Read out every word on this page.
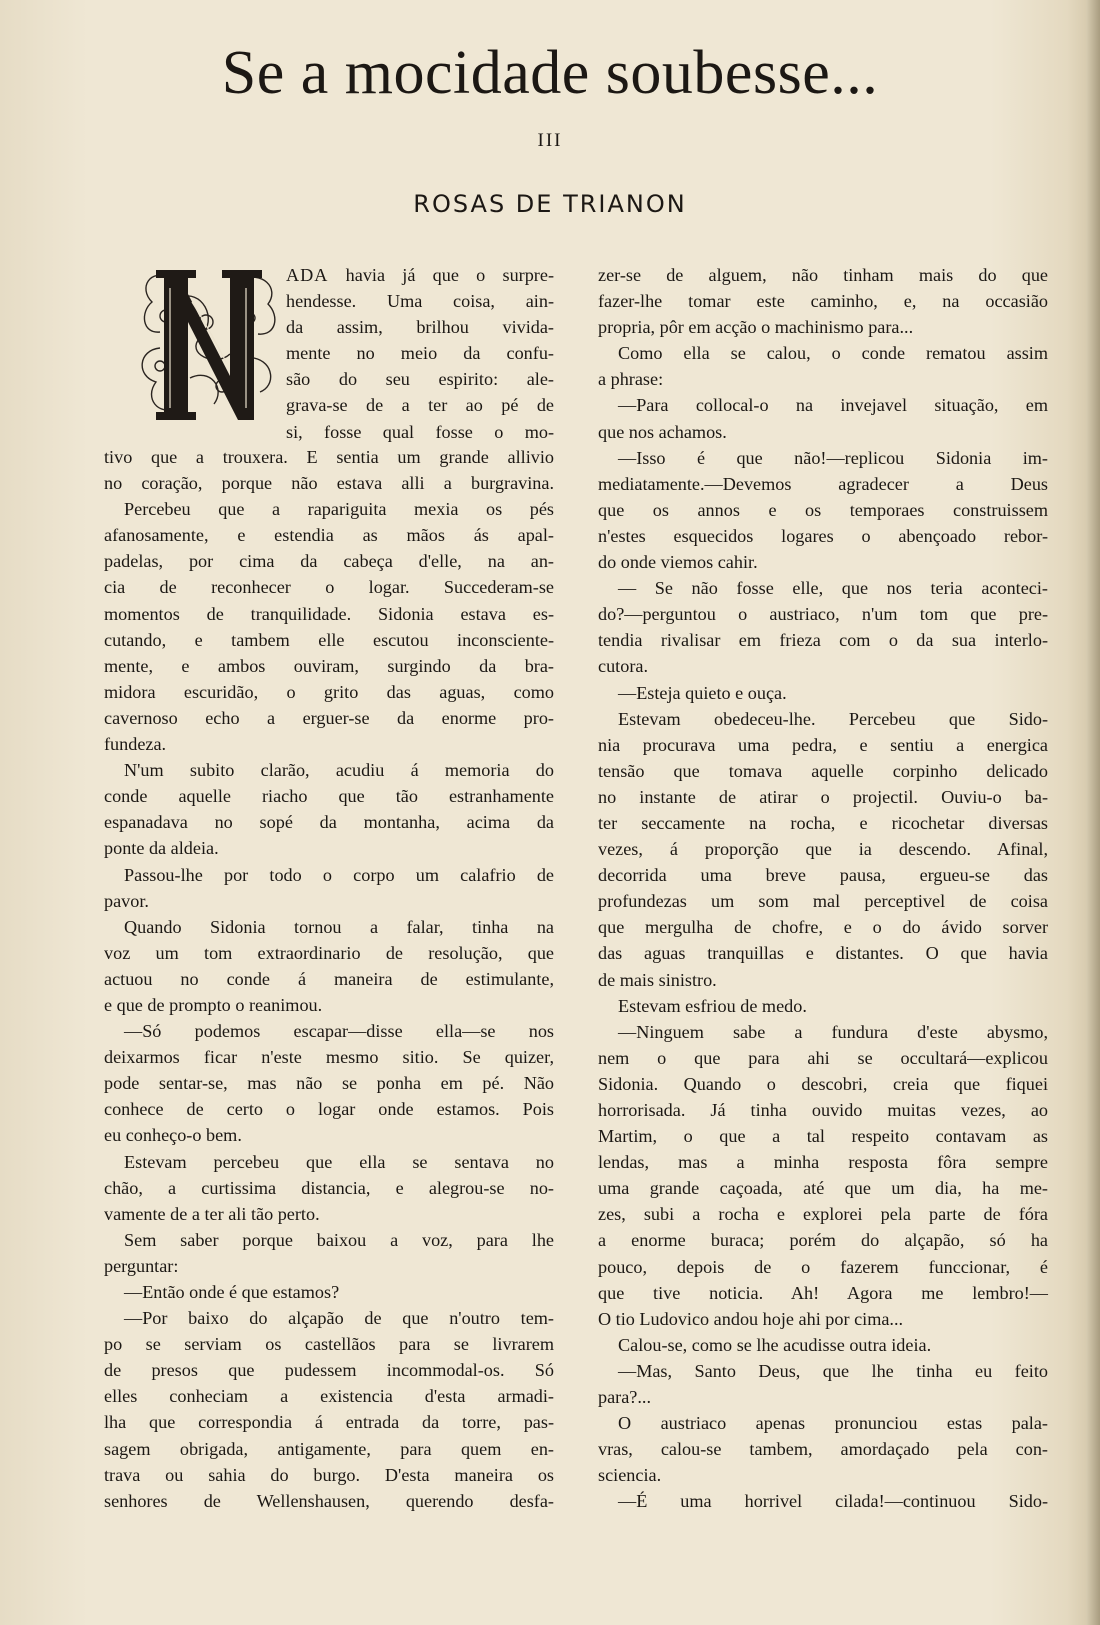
Se a mocidade soubesse...
III
ROSAS DE TRIANON
ADA havia já que o surpre-
hendesse. Uma coisa, ain-
da assim, brilhou vivida-
mente no meio da confu-
são do seu espirito: ale-
grava-se de a ter ao pé de
si, fosse qual fosse o mo-
tivo que a trouxera. E sentia um grande allivio
no coração, porque não estava alli a burgravina.
Percebeu que a rapariguita mexia os pés
afanosamente, e estendia as mãos ás apal-
padelas, por cima da cabeça d'elle, na an-
cia de reconhecer o logar. Succederam-se
momentos de tranquilidade. Sidonia estava es-
cutando, e tambem elle escutou inconsciente-
mente, e ambos ouviram, surgindo da bra-
midora escuridão, o grito das aguas, como
cavernoso echo a erguer-se da enorme pro-
fundeza.
N'um subito clarão, acudiu á memoria do
conde aquelle riacho que tão estranhamente
espanadava no sopé da montanha, acima da
ponte da aldeia.
Passou-lhe por todo o corpo um calafrio de
pavor.
Quando Sidonia tornou a falar, tinha na
voz um tom extraordinario de resolução, que
actuou no conde á maneira de estimulante,
e que de prompto o reanimou.
—Só podemos escapar—disse ella—se nos
deixarmos ficar n'este mesmo sitio. Se quizer,
pode sentar-se, mas não se ponha em pé. Não
conhece de certo o logar onde estamos. Pois
eu conheço-o bem.
Estevam percebeu que ella se sentava no
chão, a curtissima distancia, e alegrou-se no-
vamente de a ter ali tão perto.
Sem saber porque baixou a voz, para lhe
perguntar:
—Então onde é que estamos?
—Por baixo do alçapão de que n'outro tem-
po se serviam os castellãos para se livrarem
de presos que pudessem incommodal-os. Só
elles conheciam a existencia d'esta armadi-
lha que correspondia á entrada da torre, pas-
sagem obrigada, antigamente, para quem en-
trava ou sahia do burgo. D'esta maneira os
senhores de Wellenshausen, querendo desfa-
zer-se de alguem, não tinham mais do que
fazer-lhe tomar este caminho, e, na occasião
propria, pôr em acção o machinismo para...
Como ella se calou, o conde rematou assim
a phrase:
—Para collocal-o na invejavel situação, em
que nos achamos.
—Isso é que não!—replicou Sidonia im-
mediatamente.—Devemos agradecer a Deus
que os annos e os temporaes construissem
n'estes esquecidos logares o abençoado rebor-
do onde viemos cahir.
— Se não fosse elle, que nos teria aconteci-
do?—perguntou o austriaco, n'um tom que pre-
tendia rivalisar em frieza com o da sua interlo-
cutora.
—Esteja quieto e ouça.
Estevam obedeceu-lhe. Percebeu que Sido-
nia procurava uma pedra, e sentiu a energica
tensão que tomava aquelle corpinho delicado
no instante de atirar o projectil. Ouviu-o ba-
ter seccamente na rocha, e ricochetar diversas
vezes, á proporção que ia descendo. Afinal,
decorrida uma breve pausa, ergueu-se das
profundezas um som mal perceptivel de coisa
que mergulha de chofre, e o do ávido sorver
das aguas tranquillas e distantes. O que havia
de mais sinistro.
Estevam esfriou de medo.
—Ninguem sabe a fundura d'este abysmo,
nem o que para ahi se occultará—explicou
Sidonia. Quando o descobri, creia que fiquei
horrorisada. Já tinha ouvido muitas vezes, ao
Martim, o que a tal respeito contavam as
lendas, mas a minha resposta fôra sempre
uma grande caçoada, até que um dia, ha me-
zes, subi a rocha e explorei pela parte de fóra
a enorme buraca; porém do alçapão, só ha
pouco, depois de o fazerem funccionar, é
que tive noticia. Ah! Agora me lembro!—
O tio Ludovico andou hoje ahi por cima...
Calou-se, como se lhe acudisse outra ideia.
—Mas, Santo Deus, que lhe tinha eu feito
para?...
O austriaco apenas pronunciou estas pala-
vras, calou-se tambem, amordaçado pela con-
sciencia.
—É uma horrivel cilada!—continuou Sido-
